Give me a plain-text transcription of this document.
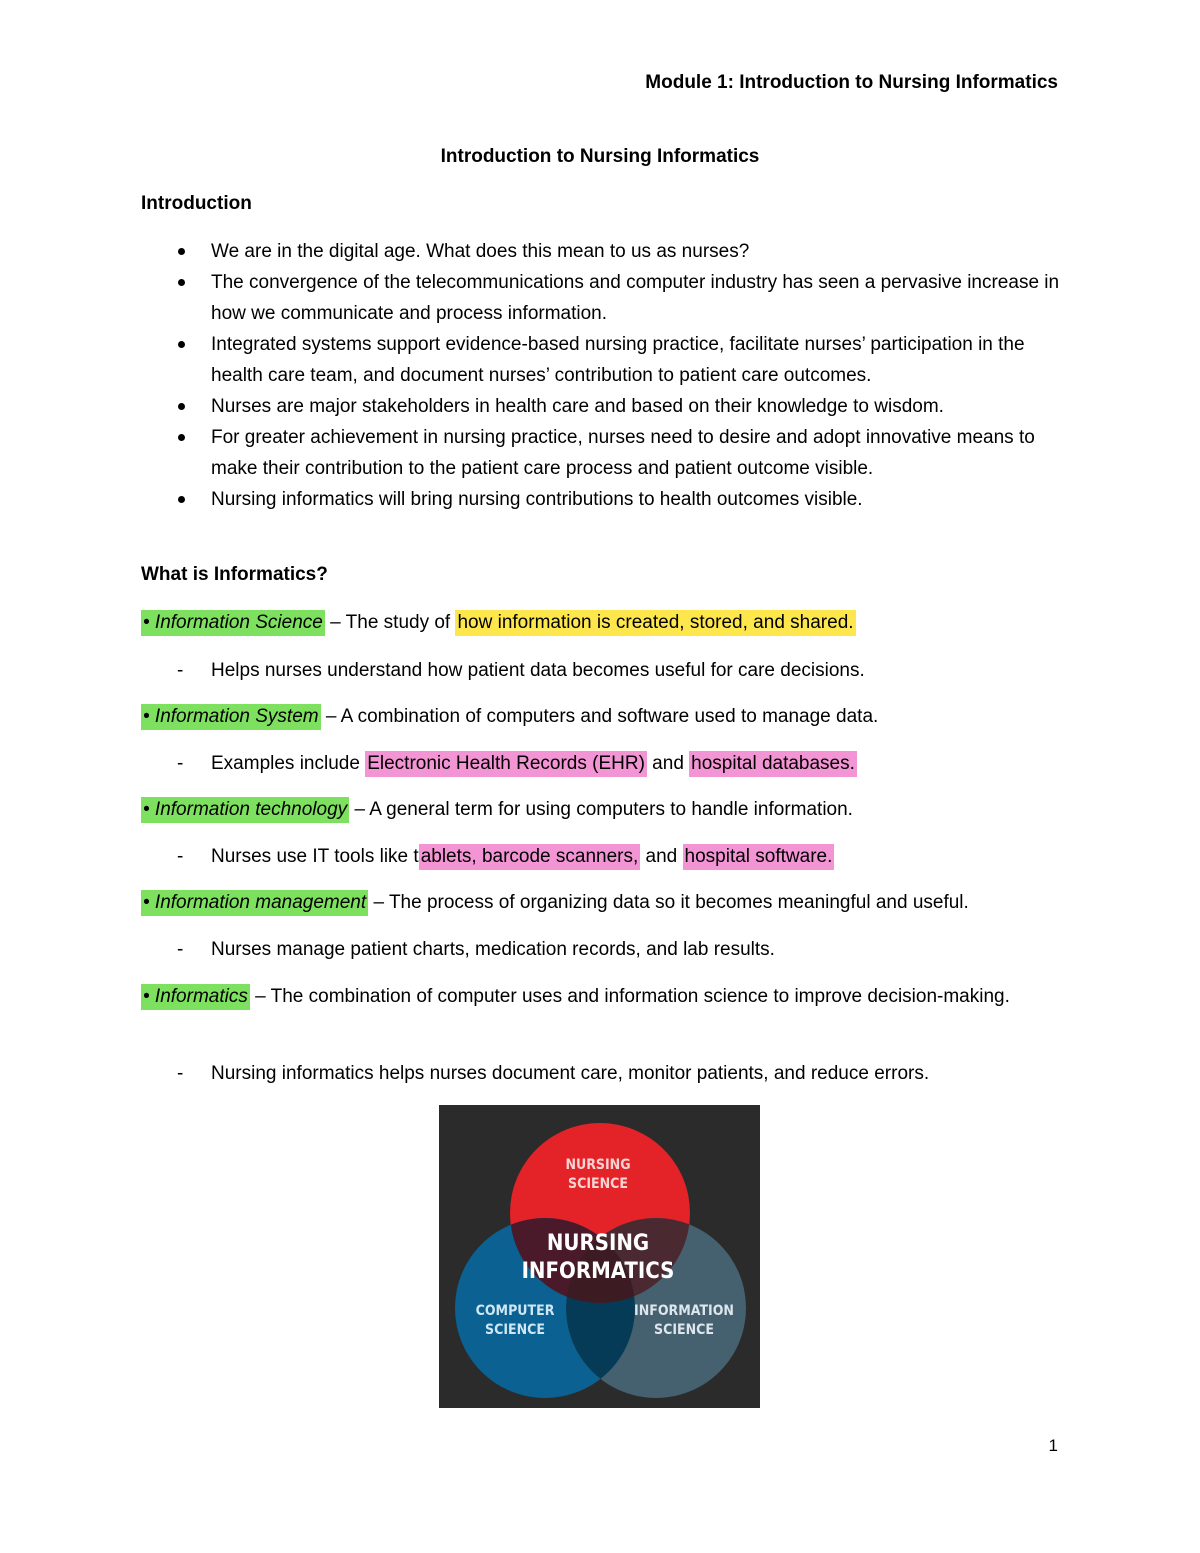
Module 1: Introduction to Nursing Informatics
Introduction to Nursing Informatics
Introduction
We are in the digital age. What does this mean to us as nurses?
The convergence of the telecommunications and computer industry has seen a pervasive increase in how we communicate and process information.
Integrated systems support evidence-based nursing practice, facilitate nurses’ participation in the health care team, and document nurses’ contribution to patient care outcomes.
Nurses are major stakeholders in health care and based on their knowledge to wisdom.
For greater achievement in nursing practice, nurses need to desire and adopt innovative means to make their contribution to the patient care process and patient outcome visible.
Nursing informatics will bring nursing contributions to health outcomes visible.
What is Informatics?
• Information Science – The study of how information is created, stored, and shared.
- Helps nurses understand how patient data becomes useful for care decisions.
• Information System – A combination of computers and software used to manage data.
- Examples include Electronic Health Records (EHR) and hospital databases.
• Information technology – A general term for using computers to handle information.
- Nurses use IT tools like t ablets, barcode scanners, and hospital software.
• Information management – The process of organizing data so it becomes meaningful and useful.
- Nurses manage patient charts, medication records, and lab results.
• Informatics – The combination of computer uses and information science to improve decision-making.
- Nursing informatics helps nurses document care, monitor patients, and reduce errors.
NURSING
SCIENCE
NURSING
INFORMATICS
COMPUTER
SCIENCE
INFORMATION
SCIENCE
1
